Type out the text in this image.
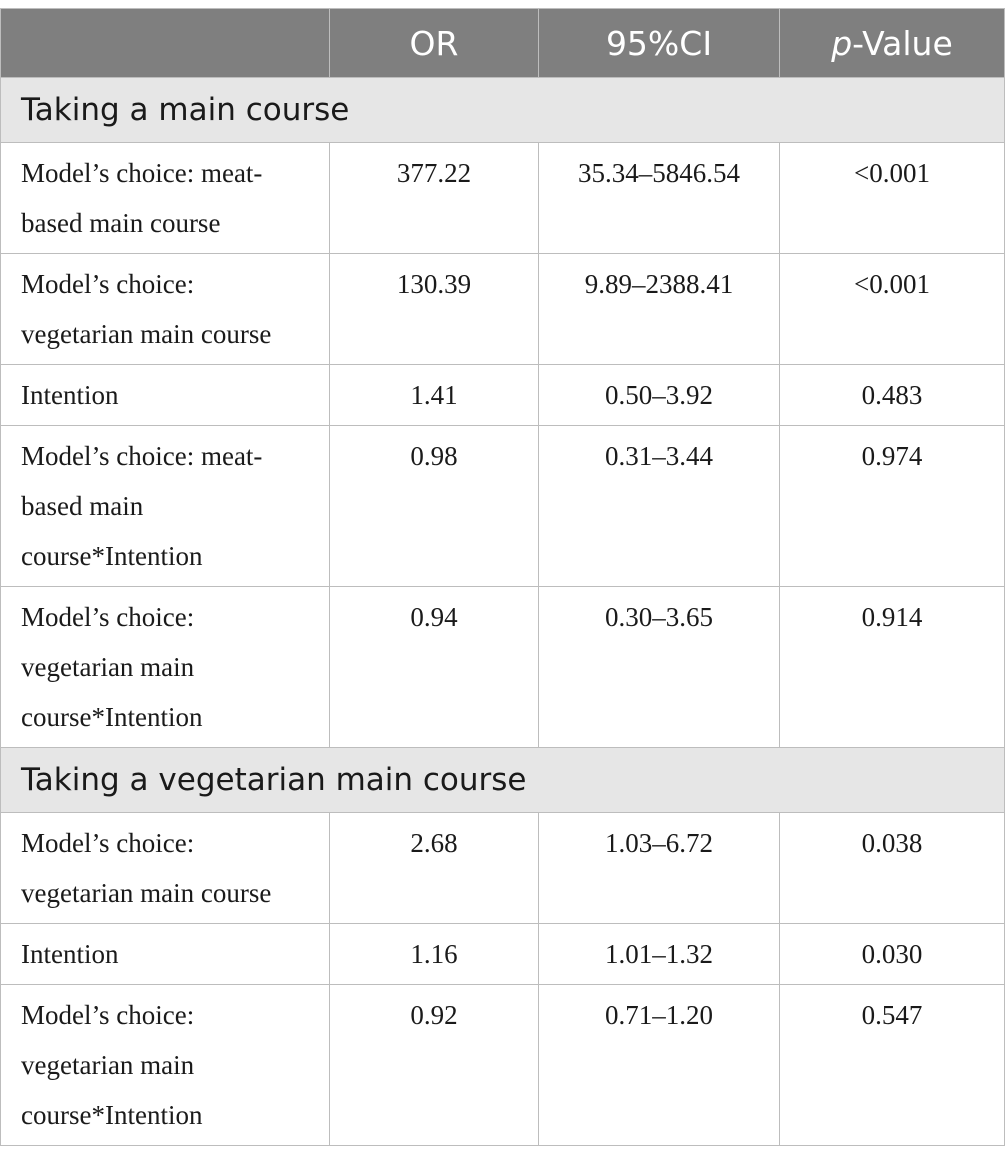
	OR	95%CI	p-Value
Taking a main course			
Model’s choice: meat-based main course	377.22	35.34–5846.54	<0.001
Model’s choice: vegetarian main course	130.39	9.89–2388.41	<0.001
Intention	1.41	0.50–3.92	0.483
Model’s choice: meat-based main course*Intention	0.98	0.31–3.44	0.974
Model’s choice: vegetarian main course*Intention	0.94	0.30–3.65	0.914
Taking a vegetarian main course			
Model’s choice: vegetarian main course	2.68	1.03–6.72	0.038
Intention	1.16	1.01–1.32	0.030
Model’s choice: vegetarian main course*Intention	0.92	0.71–1.20	0.547
